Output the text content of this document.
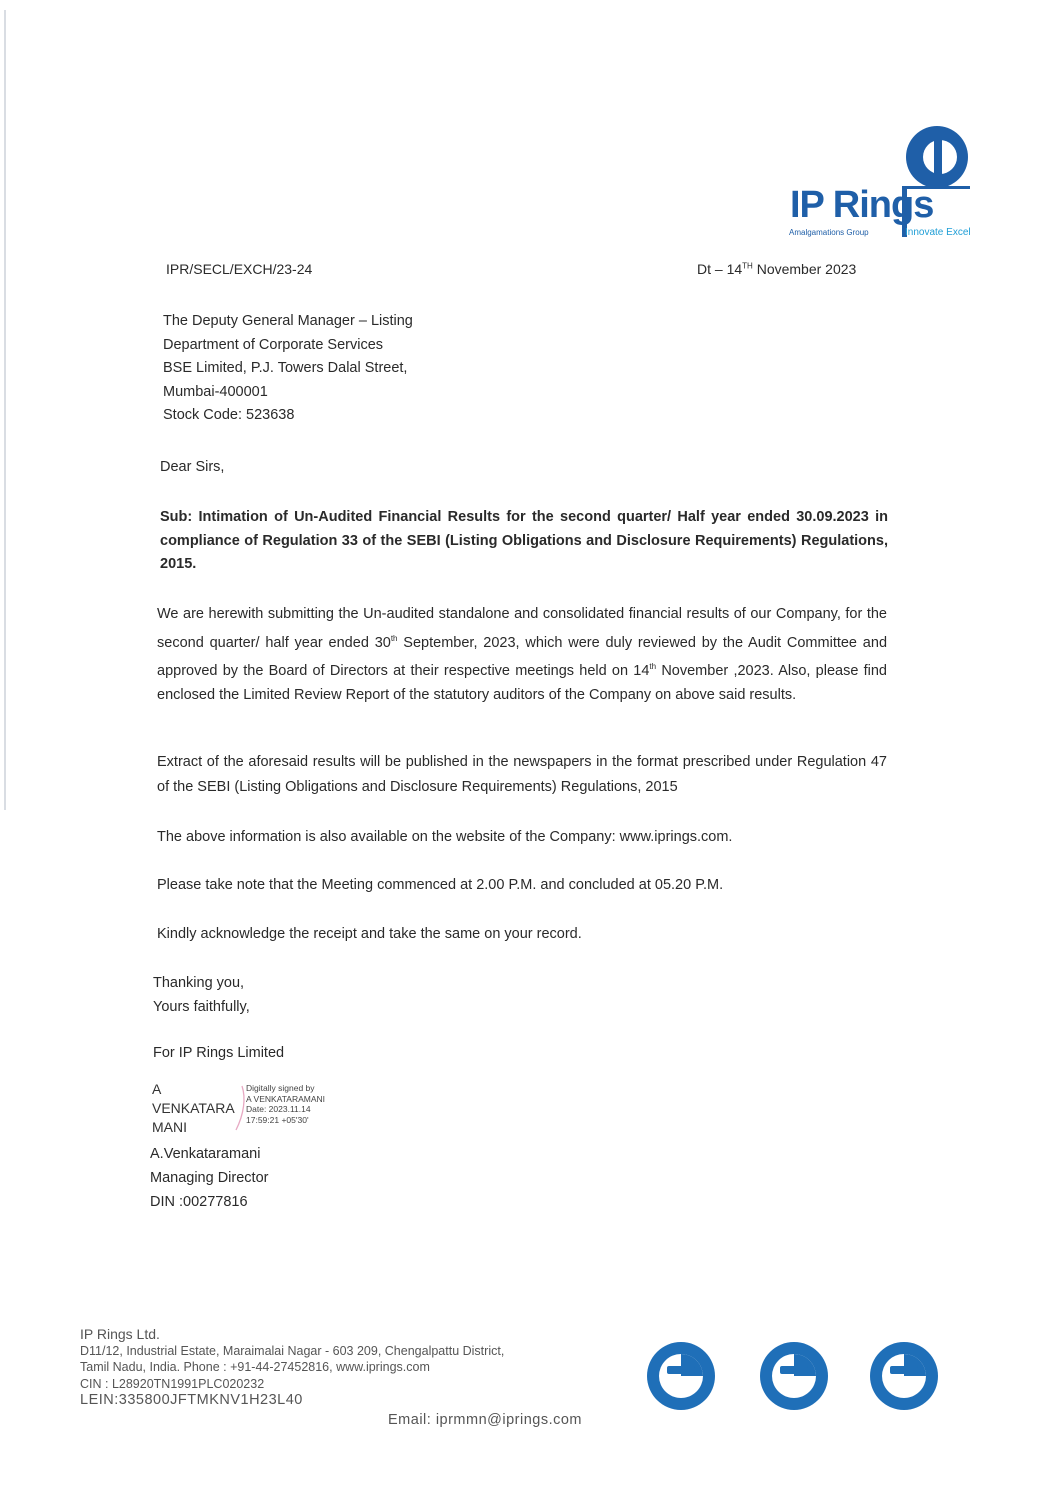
IP Rings
Amalgamations Group	Innovate Excel
IPR/SECL/EXCH/23-24	Dt – 14TH November 2023
The Deputy General Manager – Listing
Department of Corporate Services
BSE Limited, P.J. Towers Dalal Street,
Mumbai-400001
Stock Code: 523638
Dear Sirs,
Sub: Intimation of Un-Audited Financial Results for the second quarter/ Half year ended 30.09.2023 in compliance of Regulation 33 of the SEBI (Listing Obligations and Disclosure Requirements) Regulations, 2015.
We are herewith submitting the Un-audited standalone and consolidated financial results of our Company, for the second quarter/ half year ended 30th September, 2023, which were duly reviewed by the Audit Committee and approved by the Board of Directors at their respective meetings held on 14th November ,2023. Also, please find enclosed the Limited Review Report of the statutory auditors of the Company on above said results.
Extract of the aforesaid results will be published in the newspapers in the format prescribed under Regulation 47 of the SEBI (Listing Obligations and Disclosure Requirements) Regulations, 2015
The above information is also available on the website of the Company: www.iprings.com.
Please take note that the Meeting commenced at 2.00 P.M. and concluded at 05.20 P.M.
Kindly acknowledge the receipt and take the same on your record.
Thanking you,
Yours faithfully,
For IP Rings Limited
A
VENKATARA
MANI
Digitally signed by
A VENKATARAMANI
Date: 2023.11.14
17:59:21 +05'30'
A.Venkataramani
Managing Director
DIN :00277816
IP Rings Ltd.
D11/12, Industrial Estate, Maraimalai Nagar - 603 209, Chengalpattu District,
Tamil Nadu, India. Phone : +91-44-27452816, www.iprings.com
CIN : L28920TN1991PLC020232
LEIN:335800JFTMKNV1H23L40
Email: iprmmn@iprings.com
